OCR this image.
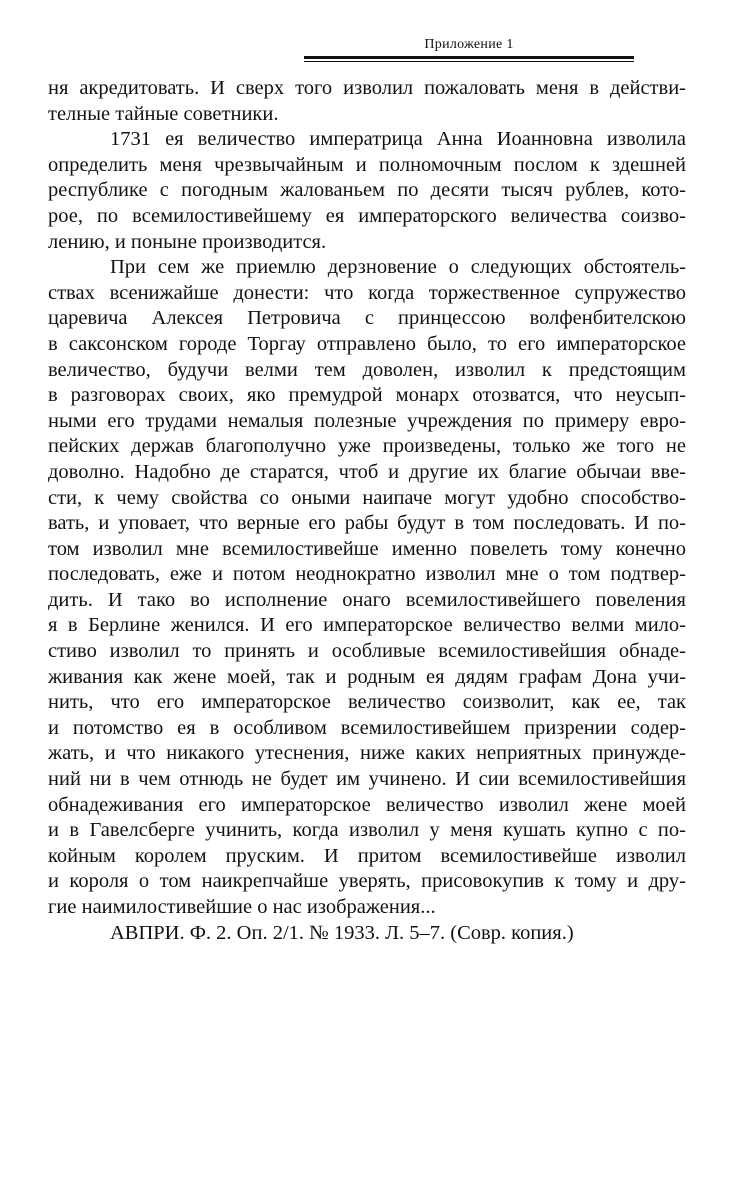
Приложение 1
ня акредитовать. И сверх того изволил пожаловать меня в действи-
телные тайные советники.
1731 ея величество императрица Анна Иоанновна изволила
определить меня чрезвычайным и полномочным послом к здешней
республике с погодным жалованьем по десяти тысяч рублев, кото-
рое, по всемилостивейшему ея императорского величества соизво-
лению, и поныне производится.
При сем же приемлю дерзновение о следующих обстоятель-
ствах всенижайше донести: что когда торжественное супружество
царевича Алексея Петровича с принцессою волфенбителскою
в саксонском городе Торгау отправлено было, то его императорское
величество, будучи велми тем доволен, изволил к предстоящим
в разговорах своих, яко премудрой монарх отозватся, что неусып-
ными его трудами немалыя полезные учреждения по примеру евро-
пейских держав благополучно уже произведены, только же того не
доволно. Надобно де старатся, чтоб и другие их благие обычаи вве-
сти, к чему свойства со оными наипаче могут удобно способство-
вать, и уповает, что верные его рабы будут в том последовать. И по-
том изволил мне всемилостивейше именно повелеть тому конечно
последовать, еже и потом неоднократно изволил мне о том подтвер-
дить. И тако во исполнение онаго всемилостивейшего повеления
я в Берлине женился. И его императорское величество велми мило-
стиво изволил то принять и особливые всемилостивейшия обнаде-
живания как жене моей, так и родным ея дядям графам Дона учи-
нить, что его императорское величество соизволит, как ее, так
и потомство ея в особливом всемилостивейшем призрении содер-
жать, и что никакого утеснения, ниже каких неприятных принужде-
ний ни в чем отнюдь не будет им учинено. И сии всемилостивейшия
обнадеживания его императорское величество изволил жене моей
и в Гавелсберге учинить, когда изволил у меня кушать купно с по-
койным королем пруским. И притом всемилостивейше изволил
и короля о том наикрепчайше уверять, присовокупив к тому и дру-
гие наимилостивейшие о нас изображения...
АВПРИ. Ф. 2. Оп. 2/1. № 1933. Л. 5–7. (Совр. копия.)
